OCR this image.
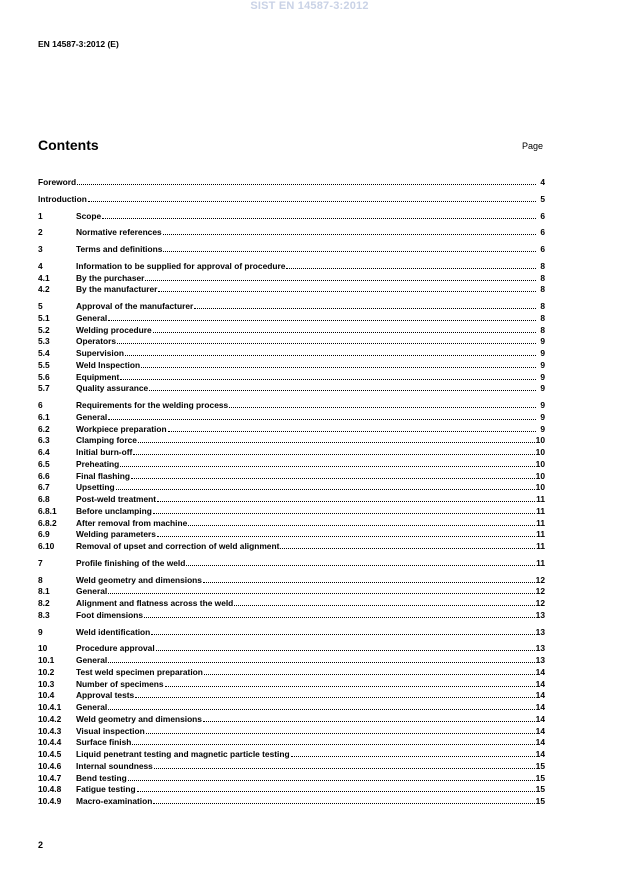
SIST EN 14587-3:2012
EN 14587-3:2012 (E)
Contents	Page
Foreword	4
Introduction	5
1	Scope	6
2	Normative references	6
3	Terms and definitions	6
4	Information to be supplied for approval of procedure	8
4.1	By the purchaser	8
4.2	By the manufacturer	8
5	Approval of the manufacturer	8
5.1	General	8
5.2	Welding procedure	8
5.3	Operators	9
5.4	Supervision	9
5.5	Weld Inspection	9
5.6	Equipment	9
5.7	Quality assurance	9
6	Requirements for the welding process	9
6.1	General	9
6.2	Workpiece preparation	9
6.3	Clamping force	10
6.4	Initial burn-off	10
6.5	Preheating	10
6.6	Final flashing	10
6.7	Upsetting	10
6.8	Post-weld treatment	11
6.8.1	Before unclamping	11
6.8.2	After removal from machine	11
6.9	Welding parameters	11
6.10	Removal of upset and correction of weld alignment	11
7	Profile finishing of the weld	11
8	Weld geometry and dimensions	12
8.1	General	12
8.2	Alignment and flatness across the weld	12
8.3	Foot dimensions	13
9	Weld identification	13
10	Procedure approval	13
10.1	General	13
10.2	Test weld specimen preparation	14
10.3	Number of specimens	14
10.4	Approval tests	14
10.4.1	General	14
10.4.2	Weld geometry and dimensions	14
10.4.3	Visual inspection	14
10.4.4	Surface finish	14
10.4.5	Liquid penetrant testing and magnetic particle testing	14
10.4.6	Internal soundness	15
10.4.7	Bend testing	15
10.4.8	Fatigue testing	15
10.4.9	Macro-examination	15
2
